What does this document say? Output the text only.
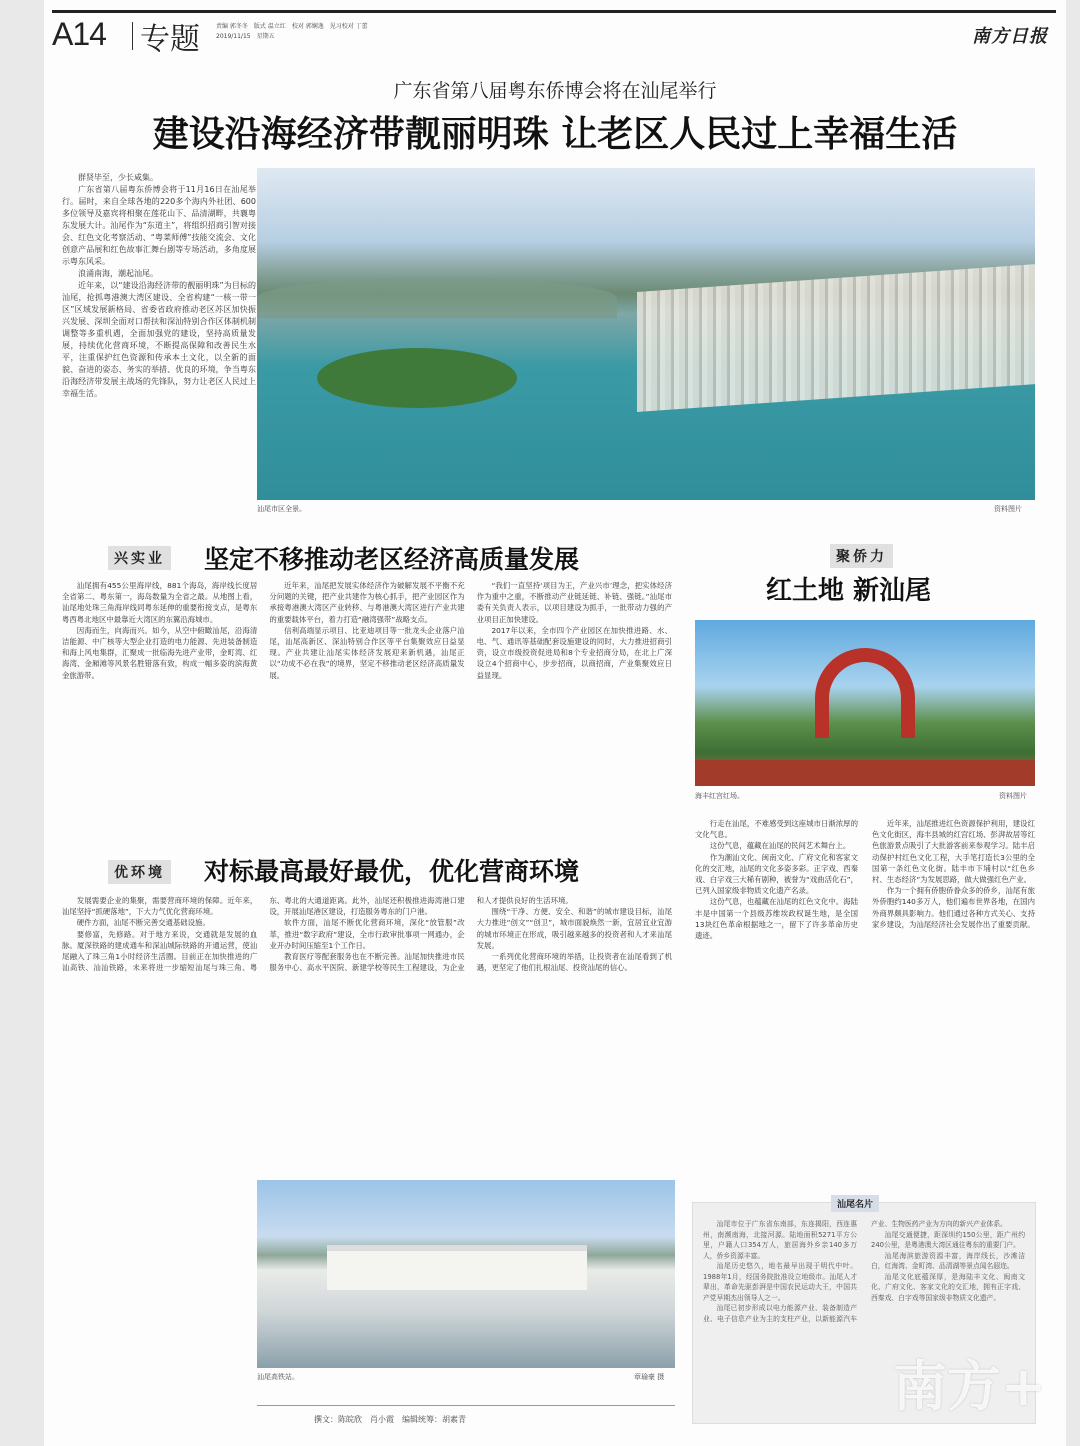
A14 专题	责编 郭冬冬　版式 温立红　校对 郭娴逸　见习校对 丁蕾
2019/11/15　星期五	南方日报
广东省第八届粤东侨博会将在汕尾举行
建设沿海经济带靓丽明珠 让老区人民过上幸福生活

群贤毕至，少长咸集。

广东省第八届粤东侨博会将于11月16日在汕尾举行。届时，来自全球各地的220多个海内外社团、600多位领导及嘉宾将相聚在莲花山下、品清湖畔，共襄粤东发展大计。汕尾作为“东道主”，将组织招商引智对接会、红色文化考察活动、“粤菜师傅”技能交流会、文化创意产品展和红色故事汇舞台剧等专场活动，多角度展示粤东风采。

浪涌南海，潮起汕尾。

近年来，以“建设沿海经济带的靓丽明珠”为目标的汕尾，抢抓粤港澳大湾区建设、全省构建“一核一带一区”区域发展新格局、省委省政府推动老区苏区加快振兴发展、深圳全面对口帮扶和深汕特别合作区体制机制调整等多重机遇，全面加强党的建设，坚持高质量发展，持续优化营商环境，不断提高保障和改善民生水平，注重保护红色资源和传承本土文化，以全新的面貌、奋进的姿态、务实的举措、优良的环境，争当粤东沿海经济带发展主战场的先锋队，努力让老区人民过上幸福生活。

汕尾市区全景。	资料图片
兴实业 坚定不移推动老区经济高质量发展

汕尾拥有455公里海岸线，881个海岛，海岸线长度居全省第二、粤东第一，海岛数量为全省之最。从地图上看，汕尾地处珠三角海岸线同粤东延伸的重要衔接支点，是粤东粤西粤北地区中最靠近大湾区的东翼沿海城市。

因海而生，向海而兴。如今，从空中俯瞰汕尾，沿海清洁能源、中广核等大型企业打造的电力能源、先进装备制造和海上风电集群，汇聚成一批临海先进产业带，金町湾、红海湾、金厢滩等风景名胜错落有致，构成一幅多姿的滨海黄金旅游带。

近年来，汕尾把发展实体经济作为破解发展不平衡不充分问题的关键，把产业共建作为核心抓手，把产业园区作为承接粤港澳大湾区产业转移、与粤港澳大湾区进行产业共建的重要载体平台，着力打造“融湾强带”战略支点。

信利高端显示项目、比亚迪项目等一批龙头企业落户汕尾，汕尾高新区、深汕特别合作区等平台集聚效应日益显现。产业共建让汕尾实体经济发展迎来新机遇，汕尾正以“功成不必在我”的境界，坚定不移推动老区经济高质量发展。

“我们一直坚持‘项目为王，产业兴市’理念，把实体经济作为重中之重，不断推动产业链延链、补链、强链。”汕尾市委有关负责人表示，以项目建设为抓手，一批带动力强的产业项目正加快建设。

2017年以来，全市四个产业园区在加快推进路、水、电、气、通讯等基础配套设施建设的同时，大力推进招商引资，设立市级投资促进局和8个专业招商分局，在北上广深设立4个招商中心，步步招商，以商招商，产业集聚效应日益显现。

优环境 对标最高最好最优，优化营商环境

发展需要企业的集聚，需要营商环境的保障。近年来，汕尾坚持“抓硬落地”，下大力气优化营商环境。

硬件方面，汕尾不断完善交通基础设施。

要修富，先修路。对于地方来说，交通就是发展的血脉。厦深铁路的建成通车和深汕城际铁路的开通运营，使汕尾融入了珠三角1小时经济生活圈。目前正在加快推进的广汕高铁、汕汕铁路，未来将进一步缩短汕尾与珠三角、粤东、粤北的大通道距离。此外，汕尾还积极推进海湾港口建设，开展汕尾港区建设，打造服务粤东的门户港。

软件方面，汕尾不断优化营商环境，深化“放管服”改革，推进“数字政府”建设，全市行政审批事项一网通办，企业开办时间压缩至1个工作日。

教育医疗等配套服务也在不断完善。汕尾加快推进市民服务中心、高水平医院、新建学校等民生工程建设，为企业和人才提供良好的生活环境。

围绕“干净、方便、安全、和谐”的城市建设目标，汕尾大力推进“创文”“创卫”，城市面貌焕然一新，宜居宜业宜游的城市环境正在形成，吸引越来越多的投资者和人才来汕尾发展。

一系列优化营商环境的举措，让投资者在汕尾看到了机遇，更坚定了他们扎根汕尾、投资汕尾的信心。

汕尾高铁站。	章瑜豪 摄
撰文：陈皖欣　肖小霞　编辑统筹：胡素青
聚侨力
红土地 新汕尾
海丰红宫红场。	资料图片

行走在汕尾，不难感受到这座城市日渐浓厚的文化气息。

这份气息，蕴藏在汕尾的民间艺术舞台上。

作为潮汕文化、闽南文化、广府文化和客家文化的交汇地，汕尾的文化多姿多彩。正字戏、西秦戏、白字戏三大稀有剧种，被誉为“戏曲活化石”，已列入国家级非物质文化遗产名录。

这份气息，也蕴藏在汕尾的红色文化中。海陆丰是中国第一个县级苏维埃政权诞生地，是全国13块红色革命根据地之一，留下了许多革命历史遗迹。

近年来，汕尾推进红色资源保护利用，建设红色文化街区，海丰县城的红宫红场、彭湃故居等红色旅游景点吸引了大批游客前来参观学习。陆丰启动保护村红色文化工程，大手笔打造长3公里的全国第一条红色文化街。陆丰市下埔村以“红色乡村、生态经济”为发展思路，做大做强红色产业。

作为一个拥有侨胞侨眷众多的侨乡，汕尾有旅外侨胞约140多万人，他们遍布世界各地，在国内外商界颇具影响力。他们通过各种方式关心、支持家乡建设，为汕尾经济社会发展作出了重要贡献。

汕尾名片

汕尾市位于广东省东南部，东连揭阳，西连惠州，南濒南海，北接河源。陆地面积5271平方公里，户籍人口354万人，旅居海外乡亲140多万人，侨乡资源丰富。

汕尾历史悠久，地名最早出现于明代中叶。1988年1月，经国务院批准设立地级市。汕尾人才辈出，革命先驱彭湃是中国农民运动大王，中国共产党早期杰出领导人之一。

汕尾已初步形成以电力能源产业、装备制造产业、电子信息产业为主的支柱产业，以新能源汽车产业、生物医药产业为方向的新兴产业体系。

汕尾交通便捷，距深圳约150公里，距广州约240公里，是粤港澳大湾区通往粤东的重要门户。

汕尾海滨旅游资源丰富，海岸线长，沙滩洁白，红海湾、金町湾、品清湖等景点闻名遐迩。

汕尾文化底蕴深厚，是海陆丰文化、闽南文化、广府文化、客家文化的交汇地，拥有正字戏、西秦戏、白字戏等国家级非物质文化遗产。

南方+
